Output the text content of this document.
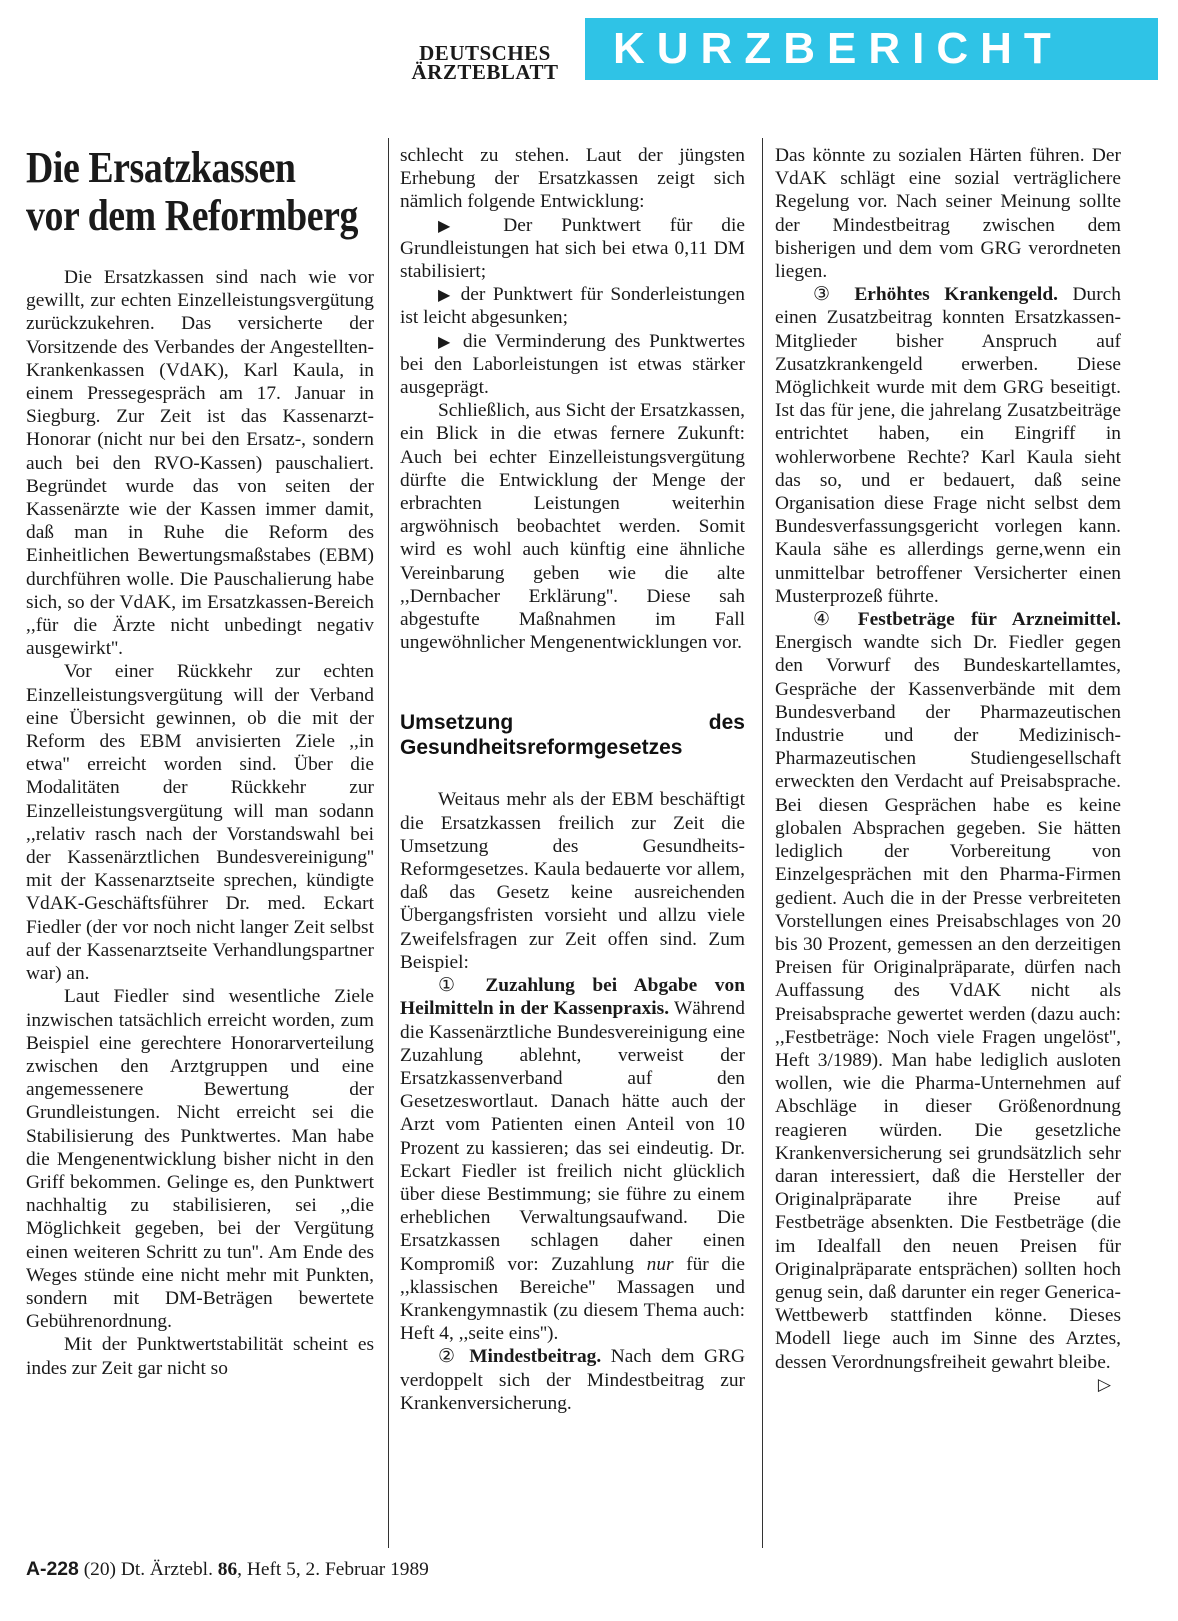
DEUTSCHES
ÄRZTEBLATT	KURZBERICHT
Die Ersatzkassen
vor dem Reformberg

Die Ersatzkassen sind nach wie vor gewillt, zur echten Einzelleistungsvergütung zurückzukehren. Das versicherte der Vorsitzende des Verbandes der Angestellten-Krankenkassen (VdAK), Karl Kaula, in einem Pressegespräch am 17. Januar in Siegburg. Zur Zeit ist das Kassenarzt-Honorar (nicht nur bei den Ersatz-, sondern auch bei den RVO-Kassen) pauschaliert. Begründet wurde das von seiten der Kassenärzte wie der Kassen immer damit, daß man in Ruhe die Reform des Einheitlichen Bewertungsmaßstabes (EBM) durchführen wolle. Die Pauschalierung habe sich, so der VdAK, im Ersatzkassen-Bereich ,,für die Ärzte nicht unbedingt negativ ausgewirkt''.

Vor einer Rückkehr zur echten Einzelleistungsvergütung will der Verband eine Übersicht gewinnen, ob die mit der Reform des EBM anvisierten Ziele ,,in etwa'' erreicht worden sind. Über die Modalitäten der Rückkehr zur Einzelleistungsvergütung will man sodann ,,relativ rasch nach der Vorstandswahl bei der Kassenärztlichen Bundesvereinigung'' mit der Kassenarztseite sprechen, kündigte VdAK-Geschäftsführer Dr. med. Eckart Fiedler (der vor noch nicht langer Zeit selbst auf der Kassenarztseite Verhandlungspartner war) an.

Laut Fiedler sind wesentliche Ziele inzwischen tatsächlich erreicht worden, zum Beispiel eine gerechtere Honorarverteilung zwischen den Arztgruppen und eine angemessenere Bewertung der Grundleistungen. Nicht erreicht sei die Stabilisierung des Punktwertes. Man habe die Mengenentwicklung bisher nicht in den Griff bekommen. Gelinge es, den Punktwert nachhaltig zu stabilisieren, sei ,,die Möglichkeit gegeben, bei der Vergütung einen weiteren Schritt zu tun''. Am Ende des Weges stünde eine nicht mehr mit Punkten, sondern mit DM-Beträgen bewertete Gebührenordnung.

Mit der Punktwertstabilität scheint es indes zur Zeit gar nicht so

schlecht zu stehen. Laut der jüngsten Erhebung der Ersatzkassen zeigt sich nämlich folgende Entwicklung:

▶ Der Punktwert für die Grundleistungen hat sich bei etwa 0,11 DM stabilisiert;

▶ der Punktwert für Sonderleistungen ist leicht abgesunken;

▶ die Verminderung des Punktwertes bei den Laborleistungen ist etwas stärker ausgeprägt.

Schließlich, aus Sicht der Ersatzkassen, ein Blick in die etwas fernere Zukunft: Auch bei echter Einzelleistungsvergütung dürfte die Entwicklung der Menge der erbrachten Leistungen weiterhin argwöhnisch beobachtet werden. Somit wird es wohl auch künftig eine ähnliche Vereinbarung geben wie die alte ,,Dernbacher Erklärung''. Diese sah abgestufte Maßnahmen im Fall ungewöhnlicher Mengenentwicklungen vor.

Umsetzung des Gesundheitsreformgesetzes

Weitaus mehr als der EBM beschäftigt die Ersatzkassen freilich zur Zeit die Umsetzung des Gesundheits-Reformgesetzes. Kaula bedauerte vor allem, daß das Gesetz keine ausreichenden Übergangsfristen vorsieht und allzu viele Zweifelsfragen zur Zeit offen sind. Zum Beispiel:

① Zuzahlung bei Abgabe von Heilmitteln in der Kassenpraxis. Während die Kassenärztliche Bundesvereinigung eine Zuzahlung ablehnt, verweist der Ersatzkassenverband auf den Gesetzeswortlaut. Danach hätte auch der Arzt vom Patienten einen Anteil von 10 Prozent zu kassieren; das sei eindeutig. Dr. Eckart Fiedler ist freilich nicht glücklich über diese Bestimmung; sie führe zu einem erheblichen Verwaltungsaufwand. Die Ersatzkassen schlagen daher einen Kompromiß vor: Zuzahlung nur für die ,,klassischen Bereiche'' Massagen und Krankengymnastik (zu diesem Thema auch: Heft 4, ,,seite eins'').

② Mindestbeitrag. Nach dem GRG verdoppelt sich der Mindestbeitrag zur Krankenversicherung.

Das könnte zu sozialen Härten führen. Der VdAK schlägt eine sozial verträglichere Regelung vor. Nach seiner Meinung sollte der Mindestbeitrag zwischen dem bisherigen und dem vom GRG verordneten liegen.

③ Erhöhtes Krankengeld. Durch einen Zusatzbeitrag konnten Ersatzkassen-Mitglieder bisher Anspruch auf Zusatzkrankengeld erwerben. Diese Möglichkeit wurde mit dem GRG beseitigt. Ist das für jene, die jahrelang Zusatzbeiträge entrichtet haben, ein Eingriff in wohlerworbene Rechte? Karl Kaula sieht das so, und er bedauert, daß seine Organisation diese Frage nicht selbst dem Bundesverfassungsgericht vorlegen kann. Kaula sähe es allerdings gerne,wenn ein unmittelbar betroffener Versicherter einen Musterprozeß führte.

④ Festbeträge für Arzneimittel. Energisch wandte sich Dr. Fiedler gegen den Vorwurf des Bundeskartellamtes, Gespräche der Kassenverbände mit dem Bundesverband der Pharmazeutischen Industrie und der Medizinisch-Pharmazeutischen Studiengesellschaft erweckten den Verdacht auf Preisabsprache. Bei diesen Gesprächen habe es keine globalen Absprachen gegeben. Sie hätten lediglich der Vorbereitung von Einzelgesprächen mit den Pharma-Firmen gedient. Auch die in der Presse verbreiteten Vorstellungen eines Preisabschlages von 20 bis 30 Prozent, gemessen an den derzeitigen Preisen für Originalpräparate, dürfen nach Auffassung des VdAK nicht als Preisabsprache gewertet werden (dazu auch: ,,Festbeträge: Noch viele Fragen ungelöst'', Heft 3/1989). Man habe lediglich ausloten wollen, wie die Pharma-Unternehmen auf Abschläge in dieser Größenordnung reagieren würden. Die gesetzliche Krankenversicherung sei grundsätzlich sehr daran interessiert, daß die Hersteller der Originalpräparate ihre Preise auf Festbeträge absenkten. Die Festbeträge (die im Idealfall den neuen Preisen für Originalpräparate entsprächen) sollten hoch genug sein, daß darunter ein reger Generica-Wettbewerb stattfinden könne. Dieses Modell liege auch im Sinne des Arztes, dessen Verordnungsfreiheit gewahrt bleibe.
▷

A-228 (20) Dt. Ärztebl. 86, Heft 5, 2. Februar 1989
